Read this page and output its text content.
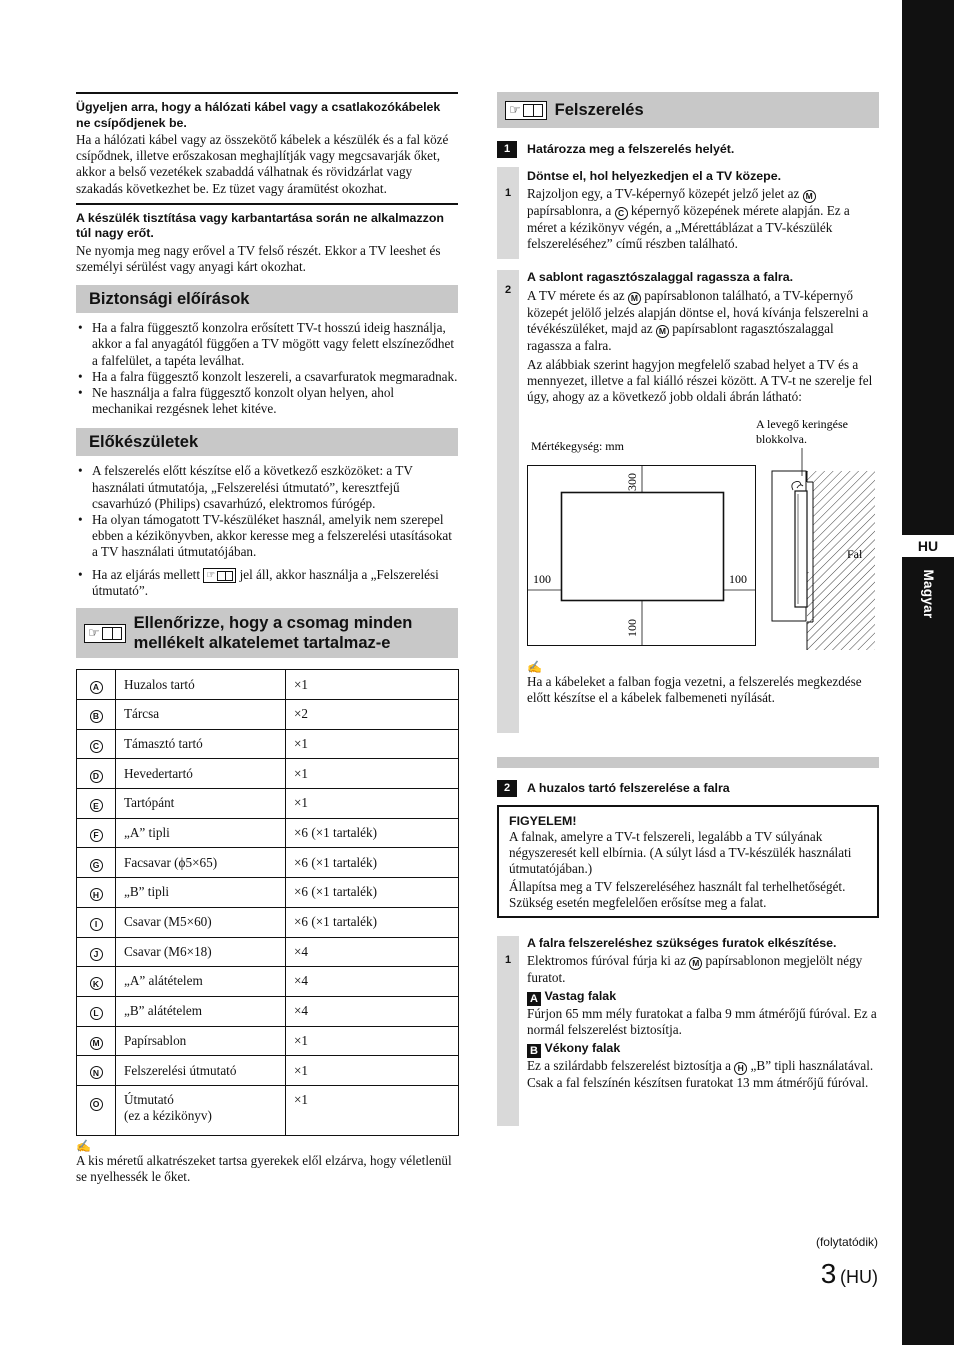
Ügyeljen arra, hogy a hálózati kábel vagy a csatlakozókábelek ne csípődjenek be.
Ha a hálózati kábel vagy az összekötő kábelek a készülék és a fal közé csípődnek, illetve erőszakosan meghajlítják vagy megcsavarják őket, akkor a belső vezetékek szabaddá válhatnak és rövidzárlat vagy szakadás következhet be. Ez tüzet vagy áramütést okozhat.
A készülék tisztítása vagy karbantartása során ne alkalmazzon túl nagy erőt.
Ne nyomja meg nagy erővel a TV felső részét. Ekkor a TV leeshet és személyi sérülést vagy anyagi kárt okozhat.
Biztonsági előírások
• Ha a falra függesztő konzolra erősített TV-t hosszú ideig használja, akkor a fal anyagától függően a TV mögött vagy felett elszíneződhet a falfelület, a tapéta leválhat.
• Ha a falra függesztő konzolt leszereli, a csavarfuratok megmaradnak.
• Ne használja a falra függesztő konzolt olyan helyen, ahol mechanikai rezgésnek lehet kitéve.
Előkészületek
• A felszerelés előtt készítse elő a következő eszközöket: a TV használati útmutatója, „Felszerelési útmutató”, keresztfejű csavarhúzó (Philips) csavarhúzó, elektromos fúrógép.
• Ha olyan támogatott TV-készüléket használ, amelyik nem szerepel ebben a kézikönyvben, akkor keresse meg a felszerelési utasításokat a TV használati útmutatójában.
• Ha az eljárás mellett ☞ jel áll, akkor használja a „Felszerelési útmutató”.
☞
Ellenőrizze, hogy a csomag minden mellékelt alkatelemet tartalmaz-e
A	Huzalos tartó	×1
B	Tárcsa	×2
C	Támasztó tartó	×1
D	Hevedertartó	×1
E	Tartópánt	×1
F	„A” tipli	×6 (×1 tartalék)
G	Facsavar (ϕ5×65)	×6 (×1 tartalék)
H	„B” tipli	×6 (×1 tartalék)
I	Csavar (M5×60)	×6 (×1 tartalék)
J	Csavar (M6×18)	×4
K	„A” alátételem	×4
L	„B” alátételem	×4
M	Papírsablon	×1
N	Felszerelési útmutató	×1
O	Útmutató
(ez a kézikönyv)	×1
✍
A kis méretű alkatrészeket tartsa gyerekek elől elzárva, hogy véletlenül se nyelhessék le őket.
☞ Felszerelés
1	Határozza meg a felszerelés helyét.
1
Döntse el, hol helyezkedjen el a TV közepe.
Rajzoljon egy, a TV-képernyő közepét jelző jelet az M papírsablonra, a C képernyő közepének mérete alapján. Ez a méret a kézikönyv végén, a „Mérettáblázat a TV-készülék felszereléséhez” című részben található.
2
A sablont ragasztószalaggal ragassza a falra.
A TV mérete és az M papírsablonon található, a TV-képernyő közepét jelölő jelzés alapján döntse el, hová kívánja felszerelni a tévékészüléket, majd az M papírsablont ragasztószalaggal ragassza a falra.
Az alábbiak szerint hagyjon megfelelő szabad helyet a TV és a mennyezet, illetve a fal kiálló részei között. A TV-t ne szerelje fel úgy, ahogy az a következő jobb oldali ábrán látható:
Mértékegység: mm
A levegő keringése
blokkolva.
300
100	100
100
Fal
✍
Ha a kábeleket a falban fogja vezetni, a felszerelés megkezdése előtt készítse el a kábelek falbemeneti nyílását.
2	A huzalos tartó felszerelése a falra
FIGYELEM!
A falnak, amelyre a TV-t felszereli, legalább a TV súlyának négyszeresét kell elbírnia. (A súlyt lásd a TV-készülék használati útmutatójában.)
Állapítsa meg a TV felszereléséhez használt fal terhelhetőségét. Szükség esetén megfelelően erősítse meg a falat.
1
A falra felszereléshez szükséges furatok elkészítése.
Elektromos fúróval fúrja ki az M papírsablonon megjelölt négy furatot.
A Vastag falak
Fúrjon 65 mm mély furatokat a falba 9 mm átmérőjű fúróval. Ez a normál felszerelést biztosítja.
B Vékony falak
Ez a szilárdabb felszerelést biztosítja a H „B” tipli használatával. Csak a fal felszínén készítsen furatokat 13 mm átmérőjű fúróval.
HU
Magyar
(folytatódik)
3 (HU)
